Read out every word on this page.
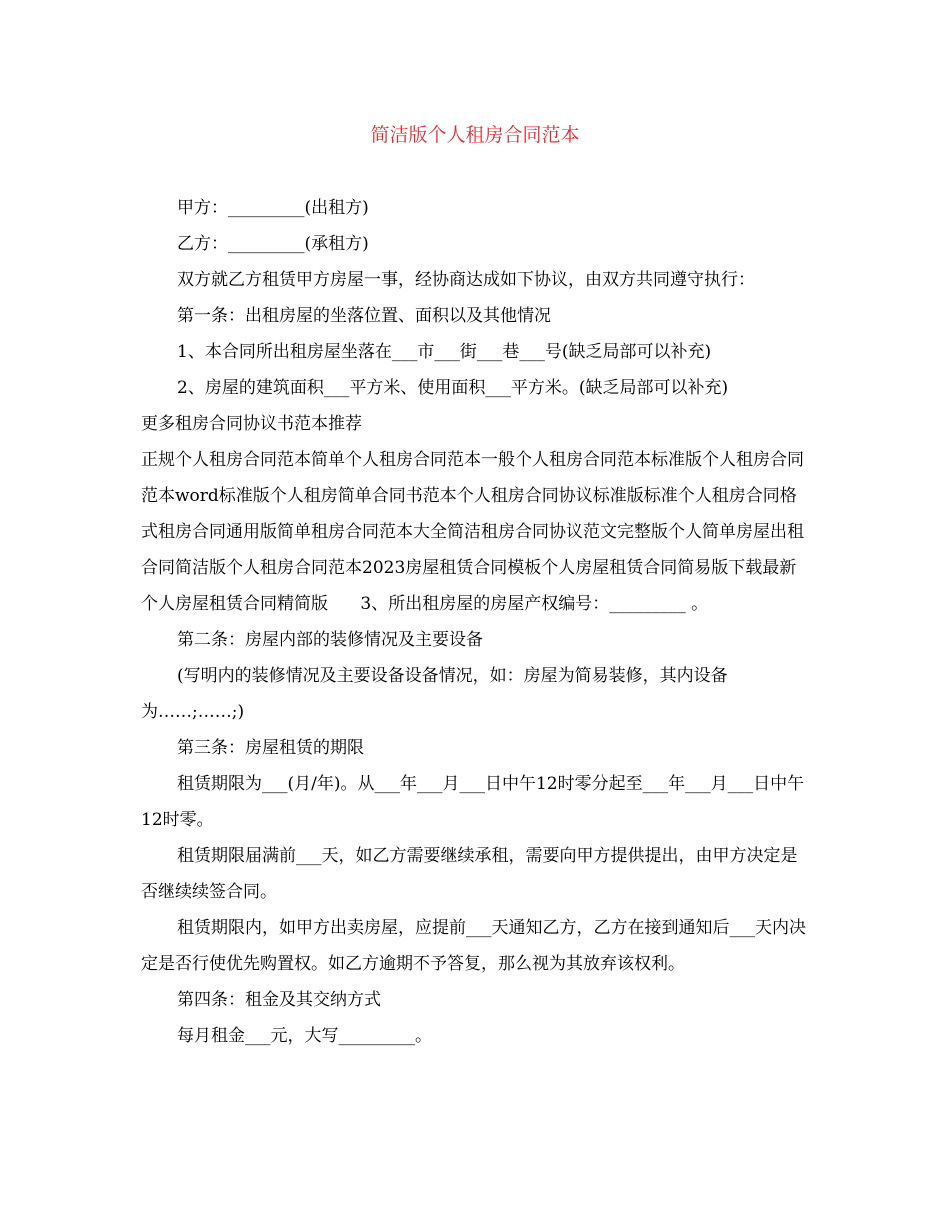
简洁版个人租房合同范本

甲方：_________(出租方)

乙方：_________(承租方)

双方就乙方租赁甲方房屋一事，经协商达成如下协议，由双方共同遵守执行：

第一条：出租房屋的坐落位置、面积以及其他情况

1、本合同所出租房屋坐落在___市___街___巷___号(缺乏局部可以补充)

2、房屋的建筑面积___平方米、使用面积___平方米。(缺乏局部可以补充)

更多租房合同协议书范本推荐

正规个人租房合同范本简单个人租房合同范本一般个人租房合同范本标准版个人租房合同范本word标准版个人租房简单合同书范本个人租房合同协议标准版标准个人租房合同格式租房合同通用版简单租房合同范本大全简洁租房合同协议范文完整版个人简单房屋出租合同简洁版个人租房合同范本2023房屋租赁合同模板个人房屋租赁合同简易版下载最新个人房屋租赁合同精简版      3、所出租房屋的房屋产权编号：_________ 。

第二条：房屋内部的装修情况及主要设备

(写明内的装修情况及主要设备设备情况，如：房屋为简易装修，其内设备为……;……;)

第三条：房屋租赁的期限

租赁期限为___(月/年)。从___年___月___日中午12时零分起至___年___月___日中午12时零。

租赁期限届满前___天，如乙方需要继续承租，需要向甲方提供提出，由甲方决定是否继续续签合同。

租赁期限内，如甲方出卖房屋，应提前___天通知乙方，乙方在接到通知后___天内决定是否行使优先购置权。如乙方逾期不予答复，那么视为其放弃该权利。

第四条：租金及其交纳方式

每月租金___元，大写_________。
